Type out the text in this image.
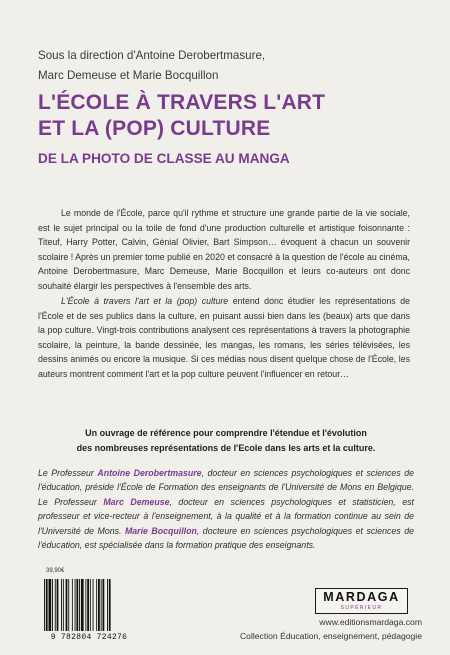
Sous la direction d'Antoine Derobertmasure,
Marc Demeuse et Marie Bocquillon
L'ÉCOLE À TRAVERS L'ART
ET LA (POP) CULTURE
DE LA PHOTO DE CLASSE AU MANGA

Le monde de l'École, parce qu'il rythme et structure une grande partie de la vie sociale, est le sujet principal ou la toile de fond d'une production culturelle et artistique foisonnante : Titeuf, Harry Potter, Calvin, Génial Olivier, Bart Simpson… évoquent à chacun un souvenir scolaire ! Après un premier tome publié en 2020 et consacré à la question de l'école au cinéma, Antoine Derobertmasure, Marc Demeuse, Marie Bocquillon et leurs co-auteurs ont donc souhaité élargir les perspectives à l'ensemble des arts.

L'École à travers l'art et la (pop) culture entend donc étudier les représentations de l'École et de ses publics dans la culture, en puisant aussi bien dans les (beaux) arts que dans la pop culture. Vingt-trois contributions analysent ces représentations à travers la photographie scolaire, la peinture, la bande dessinée, les mangas, les romans, les séries télévisées, les dessins animés ou encore la musique. Si ces médias nous disent quelque chose de l'École, les auteurs montrent comment l'art et la pop culture peuvent l'influencer en retour…

Un ouvrage de référence pour comprendre l'étendue et l'évolution
des nombreuses représentations de l'Ecole dans les arts et la culture.

Le Professeur Antoine Derobertmasure, docteur en sciences psychologiques et sciences de l'éducation, préside l'École de Formation des enseignants de l'Université de Mons en Belgique. Le Professeur Marc Demeuse, docteur en sciences psychologiques et statisticien, est professeur et vice-recteur à l'enseignement, à la qualité et à la formation continue au sein de l'Université de Mons. Marie Bocquillon, docteure en sciences psychologiques et sciences de l'éducation, est spécialisée dans la formation pratique des enseignants.

39,90€
9 782804 724276
MARDAGA
SUPÉRIEUR
www.editionsmardaga.com
Collection Éducation, enseignement, pédagogie
